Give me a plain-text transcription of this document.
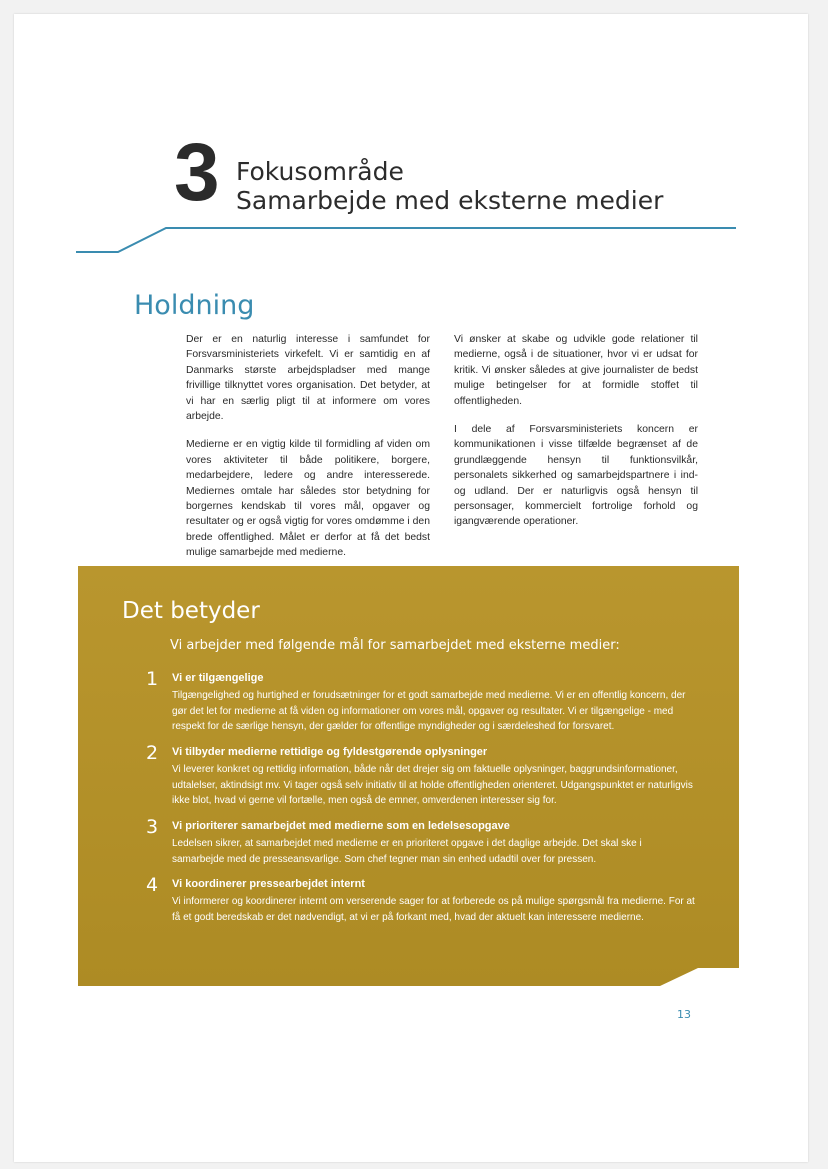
3 Fokusområde
Samarbejde med eksterne medier
Holdning

Der er en naturlig interesse i samfundet for Forsvarsministeriets virkefelt. Vi er samtidig en af Danmarks største arbejdspladser med mange frivillige tilknyttet vores organisation. Det betyder, at vi har en særlig pligt til at informere om vores arbejde.

Medierne er en vigtig kilde til formidling af viden om vores aktiviteter til både politikere, borgere, medarbejdere, ledere og andre interesserede. Mediernes omtale har således stor betydning for borgernes kendskab til vores mål, opgaver og resultater og er også vigtig for vores omdømme i den brede offentlighed. Målet er derfor at få det bedst mulige samarbejde med medierne.

Vi ønsker at skabe og udvikle gode relationer til medierne, også i de situationer, hvor vi er udsat for kritik. Vi ønsker således at give journalister de bedst mulige betingelser for at formidle stoffet til offentligheden.

I dele af Forsvarsministeriets koncern er kommunikationen i visse tilfælde begrænset af de grundlæggende hensyn til funktionsvilkår, personalets sikkerhed og samarbejdspartnere i ind- og udland. Der er naturligvis også hensyn til personsager, kommercielt fortrolige forhold og igangværende operationer.

Det betyder
Vi arbejder med følgende mål for samarbejdet med eksterne medier:
1 Vi er tilgængelige
Tilgængelighed og hurtighed er forudsætninger for et godt samarbejde med medierne. Vi er en offentlig koncern, der gør det let for medierne at få viden og informationer om vores mål, opgaver og resultater. Vi er tilgængelige - med respekt for de særlige hensyn, der gælder for offentlige myndigheder og i særdeleshed for forsvaret.
2 Vi tilbyder medierne rettidige og fyldestgørende oplysninger
Vi leverer konkret og rettidig information, både når det drejer sig om faktuelle oplysninger, baggrundsinformationer, udtalelser, aktindsigt mv. Vi tager også selv initiativ til at holde offentligheden orienteret. Udgangspunktet er naturligvis ikke blot, hvad vi gerne vil fortælle, men også de emner, omverdenen interesser sig for.
3 Vi prioriterer samarbejdet med medierne som en ledelsesopgave
Ledelsen sikrer, at samarbejdet med medierne er en prioriteret opgave i det daglige arbejde. Det skal ske i samarbejde med de presseansvarlige. Som chef tegner man sin enhed udadtil over for pressen.
4 Vi koordinerer pressearbejdet internt
Vi informerer og koordinerer internt om verserende sager for at forberede os på mulige spørgsmål fra medierne. For at få et godt beredskab er det nødvendigt, at vi er på forkant med, hvad der aktuelt kan interessere medierne.
13
